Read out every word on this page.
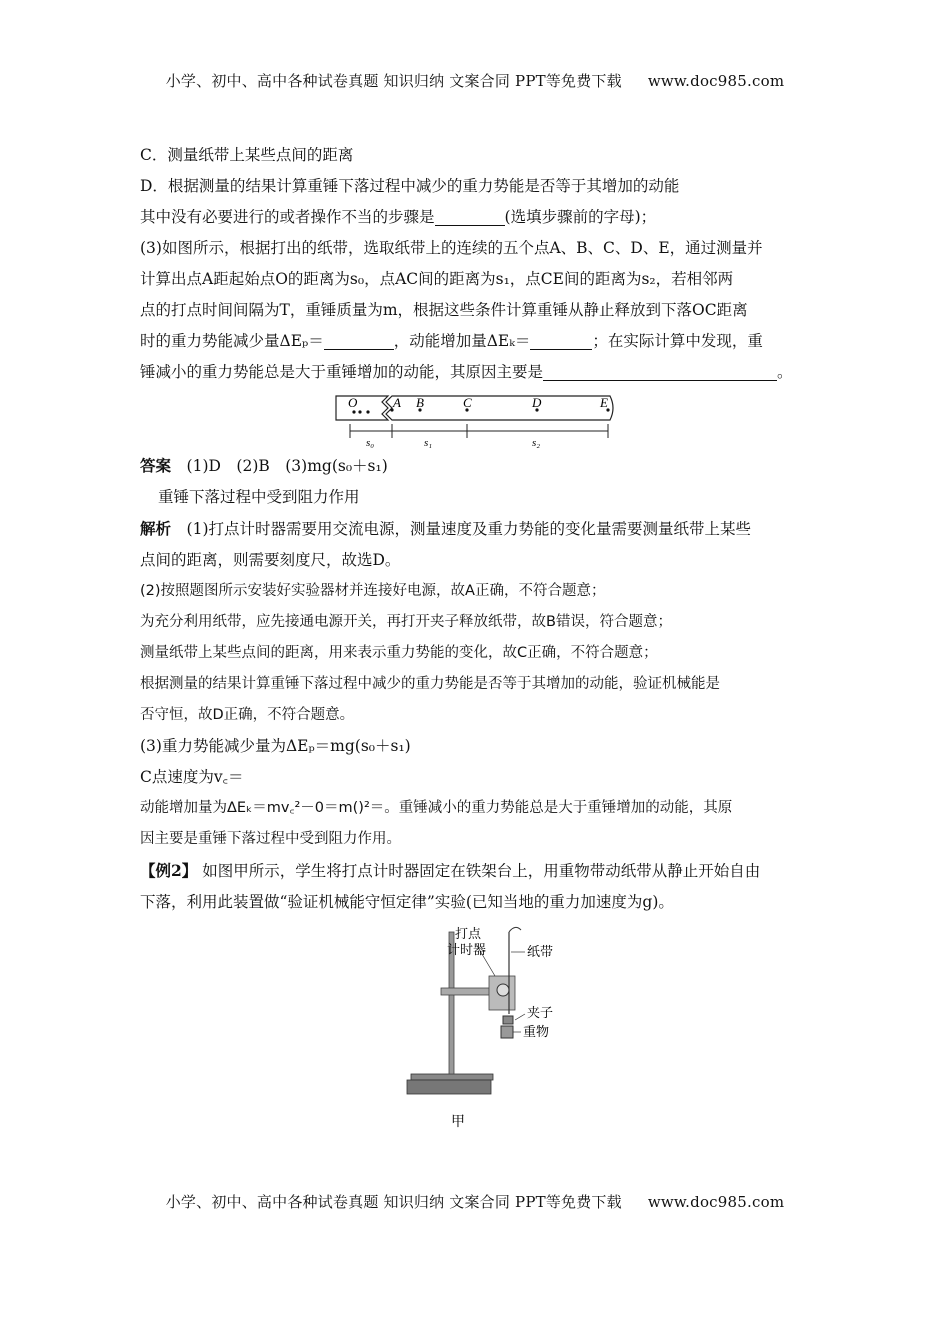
小学、初中、高中各种试卷真题 知识归纳 文案合同 PPT等免费下载 www.doc985.com

C．测量纸带上某些点间的距离

D．根据测量的结果计算重锤下落过程中减少的重力势能是否等于其增加的动能

其中没有必要进行的或者操作不当的步骤是	(选填步骤前的字母)；

(3)如图所示，根据打出的纸带，选取纸带上的连续的五个点A、B、C、D、E，通过测量并

计算出点A距起始点O的距离为s₀，点AC间的距离为s₁，点CE间的距离为s₂，若相邻两

点的打点时间间隔为T，重锤质量为m，根据这些条件计算重锤从静止释放到下落OC距离

时的重力势能减少量ΔEₚ＝	，动能增加量ΔEₖ＝	；在实际计算中发现，重

锤减小的重力势能总是大于重锤增加的动能，其原因主要是	。

O	A B	C	D	E
s₀	s₁	s₂

答案　 (1)D　(2)B　(3)mg(s₀＋s₁)

重锤下落过程中受到阻力作用

解析　 (1)打点计时器需要用交流电源，测量速度及重力势能的变化量需要测量纸带上某些

点间的距离，则需要刻度尺，故选D。

(2)按照题图所示安装好实验器材并连接好电源，故A正确，不符合题意；

为充分利用纸带，应先接通电源开关，再打开夹子释放纸带，故B错误，符合题意；

测量纸带上某些点间的距离，用来表示重力势能的变化，故C正确，不符合题意；

根据测量的结果计算重锤下落过程中减少的重力势能是否等于其增加的动能，验证机械能是

否守恒，故D正确，不符合题意。

(3)重力势能减少量为ΔEₚ＝mg(s₀＋s₁)

C点速度为v꜀＝

动能增加量为ΔEₖ＝mv꜀²－0＝m()²＝。重锤减小的重力势能总是大于重锤增加的动能，其原

因主要是重锤下落过程中受到阻力作用。

【例2】 如图甲所示，学生将打点计时器固定在铁架台上，用重物带动纸带从静止开始自由

下落，利用此装置做“验证机械能守恒定律”实验(已知当地的重力加速度为g)。

打点
计时器	纸带
夹子
重物
甲
小学、初中、高中各种试卷真题 知识归纳 文案合同 PPT等免费下载 www.doc985.com
